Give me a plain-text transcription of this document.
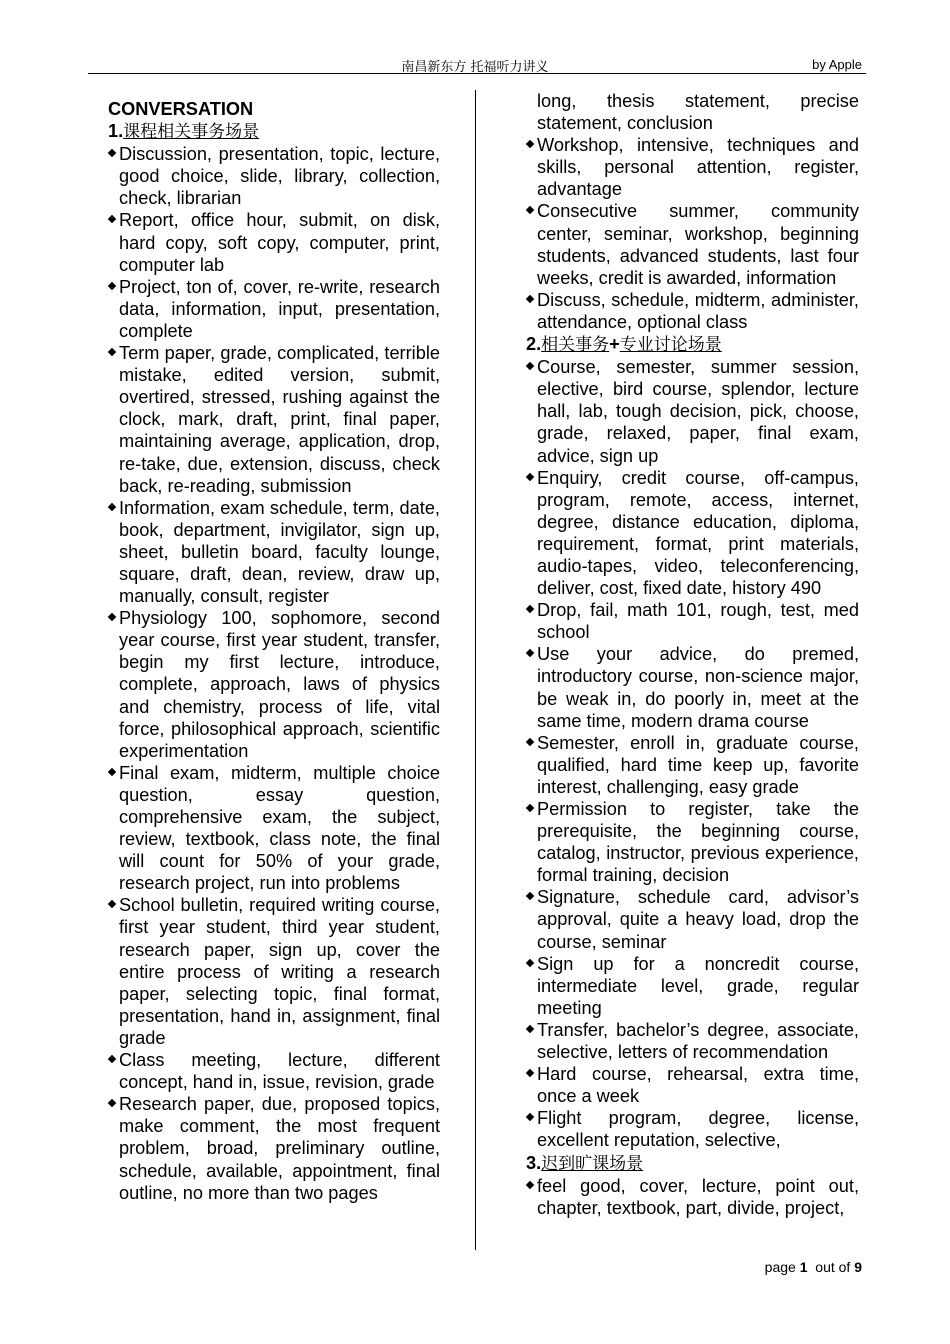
南昌新东方 托福听力讲义	by Apple
CONVERSATION
1.课程相关事务场景
Discussion, presentation, topic, lecture, good choice, slide, library, collection, check, librarian
Report, office hour, submit, on disk, hard copy, soft copy, computer, print, computer lab
Project, ton of, cover, re-write, research data, information, input, presentation, complete
Term paper, grade, complicated, terrible mistake, edited version, submit, overtired, stressed, rushing against the clock, mark, draft, print, final paper, maintaining average, application, drop, re-take, due, extension, discuss, check back, re-reading, submission
Information, exam schedule, term, date, book, department, invigilator, sign up, sheet, bulletin board, faculty lounge, square, draft, dean, review, draw up, manually, consult, register
Physiology 100, sophomore, second year course, first year student, transfer, begin my first lecture, introduce, complete, approach, laws of physics and chemistry, process of life, vital force, philosophical approach, scientific experimentation
Final exam, midterm, multiple choice question, essay question, comprehensive exam, the subject, review, textbook, class note, the final will count for 50% of your grade, research project, run into problems
School bulletin, required writing course, first year student, third year student, research paper, sign up, cover the entire process of writing a research paper, selecting topic, final format, presentation, hand in, assignment, final grade
Class meeting, lecture, different concept, hand in, issue, revision, grade
Research paper, due, proposed topics, make comment, the most frequent problem, broad, preliminary outline, schedule, available, appointment, final outline, no more than two pages
long, thesis statement, precise statement, conclusion
Workshop, intensive, techniques and skills, personal attention, register, advantage
Consecutive summer, community center, seminar, workshop, beginning students, advanced students, last four weeks, credit is awarded, information
Discuss, schedule, midterm, administer, attendance, optional class
2.相关事务+专业讨论场景
Course, semester, summer session, elective, bird course, splendor, lecture hall, lab, tough decision, pick, choose, grade, relaxed, paper, final exam, advice, sign up
Enquiry, credit course, off-campus, program, remote, access, internet, degree, distance education, diploma, requirement, format, print materials, audio-tapes, video, teleconferencing, deliver, cost, fixed date, history 490
Drop, fail, math 101, rough, test, med school
Use your advice, do premed, introductory course, non-science major, be weak in, do poorly in, meet at the same time, modern drama course
Semester, enroll in, graduate course, qualified, hard time keep up, favorite interest, challenging, easy grade
Permission to register, take the prerequisite, the beginning course, catalog, instructor, previous experience, formal training, decision
Signature, schedule card, advisor’s approval, quite a heavy load, drop the course, seminar
Sign up for a noncredit course, intermediate level, grade, regular meeting
Transfer, bachelor’s degree, associate, selective, letters of recommendation
Hard course, rehearsal, extra time, once a week
Flight program, degree, license, excellent reputation, selective,
3.迟到旷课场景
feel good, cover, lecture, point out, chapter, textbook, part, divide, project,
page 1 out of 9
